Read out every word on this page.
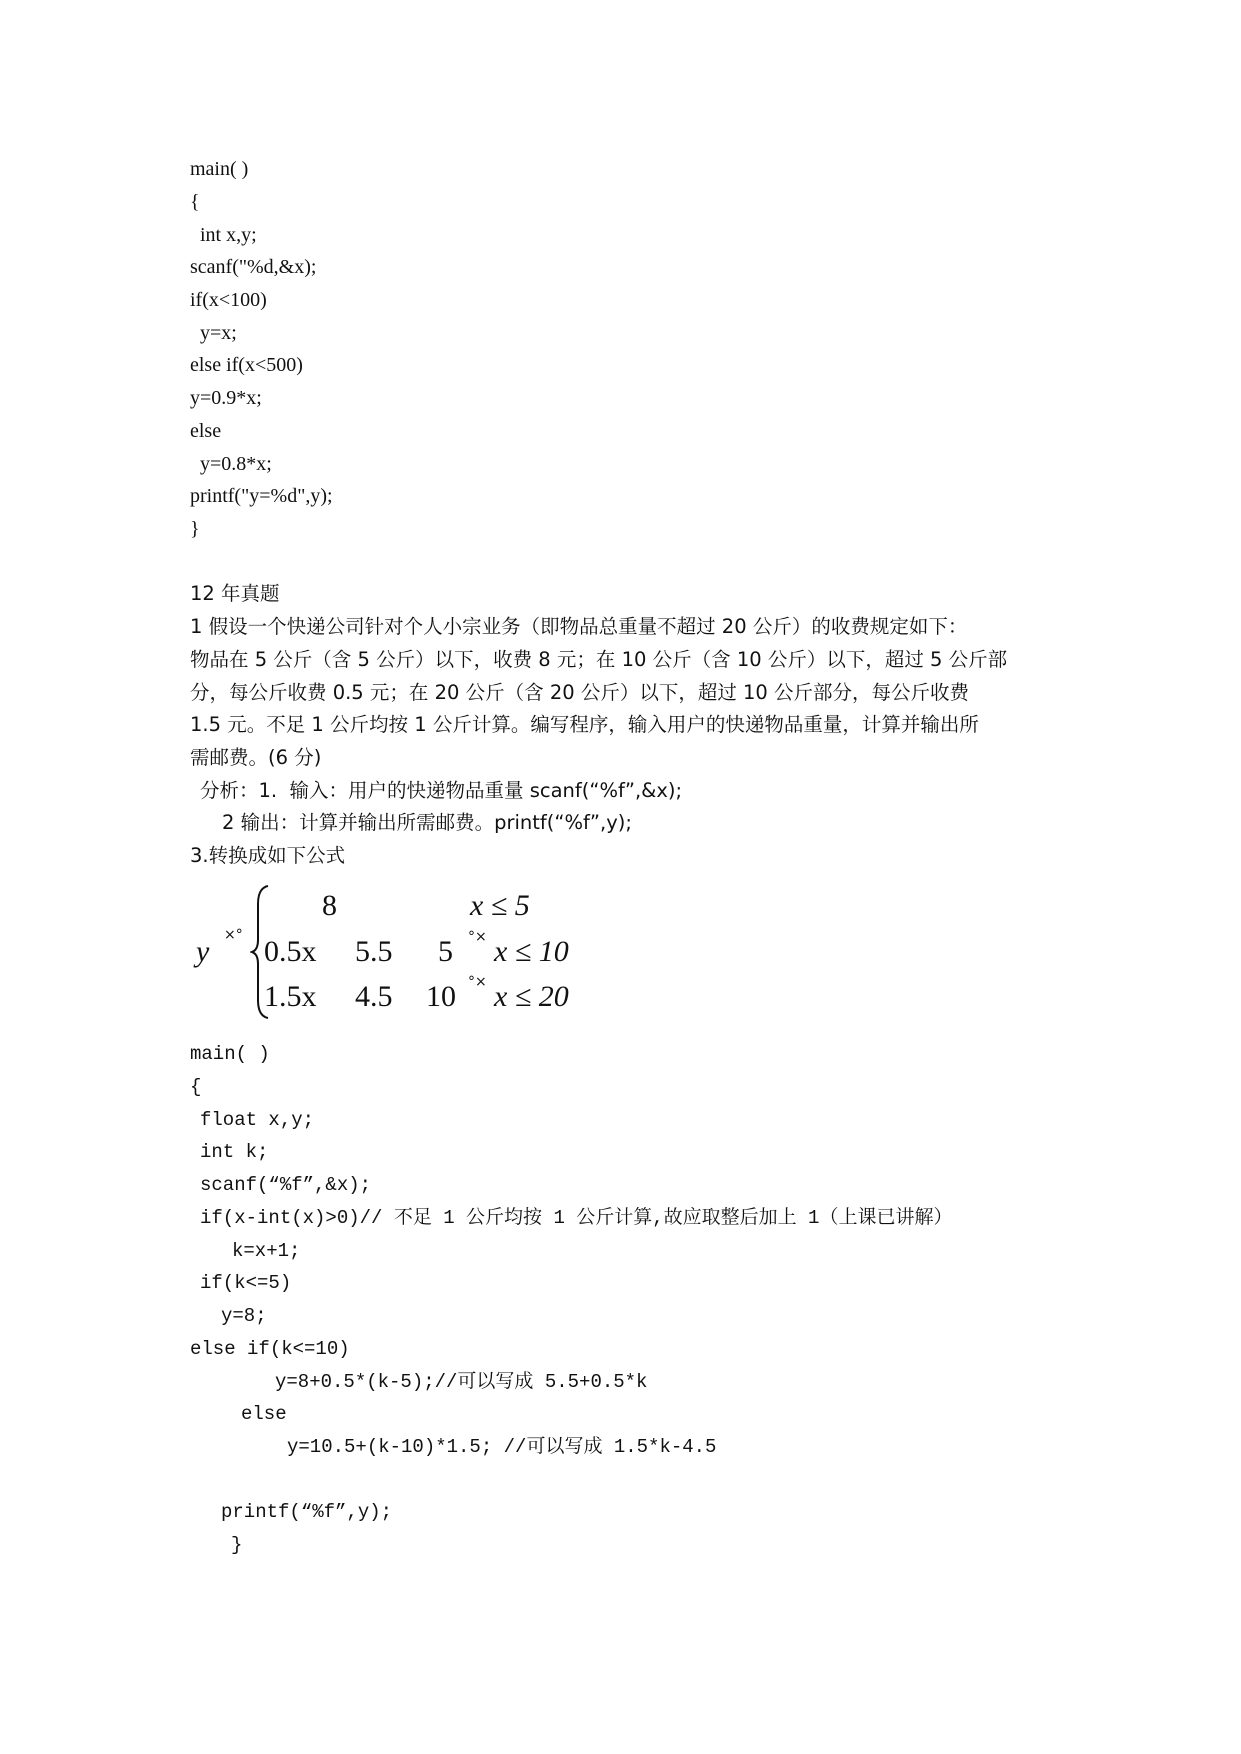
main( )
{
int x,y;
scanf("%d,&x);
if(x<100)
y=x;
else if(x<500)
y=0.9*x;
else
y=0.8*x;
printf("y=%d",y);
}
12 年真题
1 假设一个快递公司针对个人小宗业务（即物品总重量不超过 20 公斤）的收费规定如下：
物品在 5 公斤（含 5 公斤）以下，收费 8 元；在 10 公斤（含 10 公斤）以下，超过 5 公斤部
分，每公斤收费 0.5 元；在 20 公斤（含 20 公斤）以下，超过 10 公斤部分，每公斤收费
1.5 元。不足 1 公斤均按 1 公斤计算。编写程序，输入用户的快递物品重量，计算并输出所
需邮费。(6 分)
分析：1.  输入：用户的快递物品重量 scanf(“%f”,&x);
2 输出：计算并输出所需邮费。printf(“%f”,y);
3.转换成如下公式
y ×°
8	x ≤ 5
0.5x 5.5 5 °× x ≤ 10
1.5x 4.5 10 °× x ≤ 20
main( )
{
float x,y;
int k;
scanf(“%f”,&x);
if(x-int(x)>0)// 不足 1 公斤均按 1 公斤计算,故应取整后加上 1（上课已讲解）
k=x+1;
if(k<=5)
y=8;
else if(k<=10)
y=8+0.5*(k-5);//可以写成 5.5+0.5*k
else
y=10.5+(k-10)*1.5; //可以写成 1.5*k-4.5
printf(“%f”,y);
}
